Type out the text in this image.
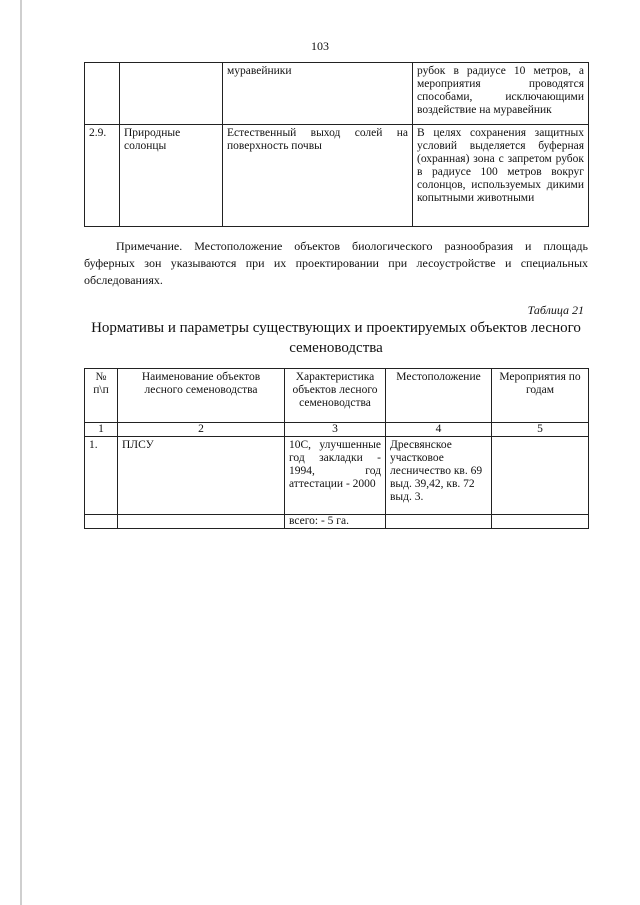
103
		муравейники	рубок в радиусе 10 метров, а мероприятия проводятся способами, исключающими воздействие на муравейник
2.9.	Природные солонцы	Естественный выход солей на поверхность почвы	В целях сохранения защитных условий выделяется буферная (охранная) зона с запретом рубок в радиусе 100 метров вокруг солонцов, используемых дикими копытными животными
Примечание. Местоположение объектов биологического разнообразия и площадь буферных зон указываются при их проектировании при лесоустройстве и специальных обследованиях.
Таблица 21
Нормативы и параметры существующих и проектируемых объектов лесного семеноводства
№ п\п	Наименование объектов лесного семеноводства	Характеристика объектов лесного семеноводства	Местоположение	Мероприятия по годам
1	2	3	4	5
1.	ПЛСУ	10С, улучшенные год закладки - 1994, год аттестации - 2000	Дресвянское участковое лесничество кв. 69 выд. 39,42, кв. 72 выд. 3.	
		всего: - 5 га.		
